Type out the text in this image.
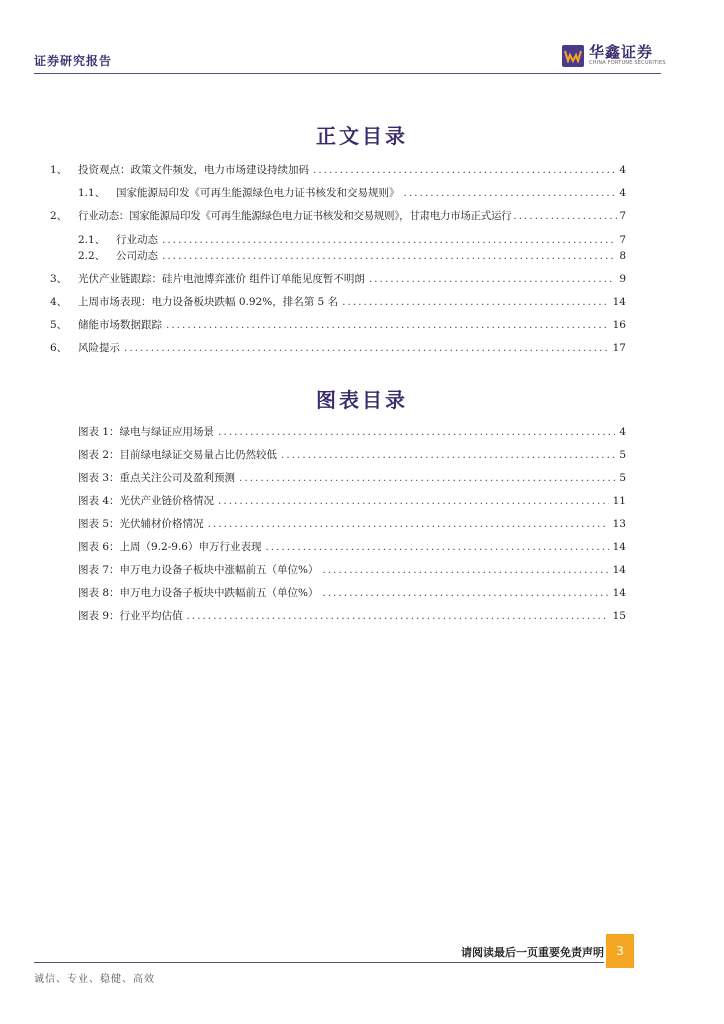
证券研究报告	华鑫证券
CHINA FORTUNE SECURITIES
正文目录
1、	投资观点：政策文件频发，电力市场建设持续加码 .....	4
1.1、	国家能源局印发《可再生能源绿色电力证书核发和交易规则》 .....	4
2、	行业动态：国家能源局印发《可再生能源绿色电力证书核发和交易规则》，甘肃电力市场正式运行 .....	7
2.1、	行业动态 .....	7
2.2、	公司动态 .....	8
3、	光伏产业链跟踪：硅片电池博弈涨价 组件订单能见度暂不明朗 .....	9
4、	上周市场表现：电力设备板块跌幅 0.92%，排名第 5 名 .....	14
5、	储能市场数据跟踪 .....	16
6、	风险提示 .....	17
图表目录
图表 1：绿电与绿证应用场景 .....	4
图表 2：目前绿电绿证交易量占比仍然较低 .....	5
图表 3：重点关注公司及盈利预测 .....	5
图表 4：光伏产业链价格情况 .....	11
图表 5：光伏辅材价格情况 .....	13
图表 6：上周（9.2-9.6）申万行业表现 .....	14
图表 7：申万电力设备子板块中涨幅前五（单位%） .....	14
图表 8：申万电力设备子板块中跌幅前五（单位%） .....	14
图表 9：行业平均估值 .....	15
请阅读最后一页重要免责声明	3
诚信、专业、稳健、高效
